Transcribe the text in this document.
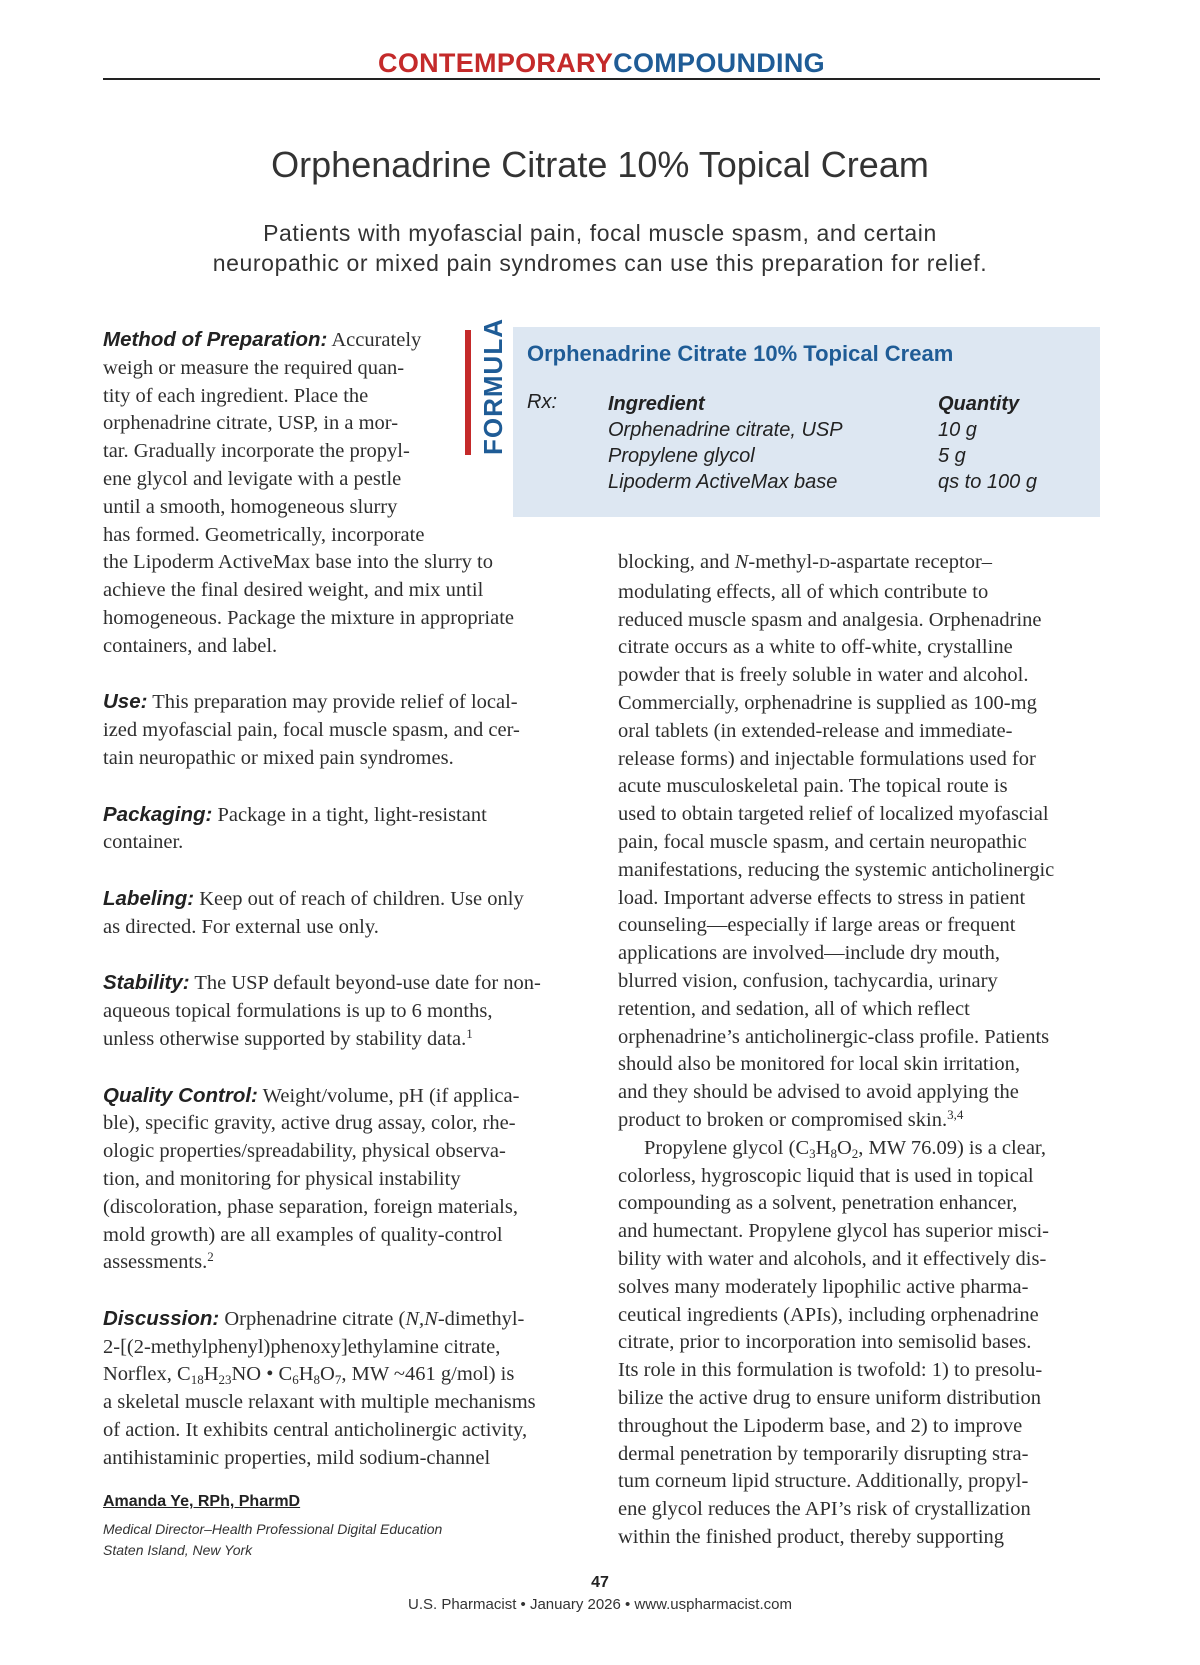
CONTEMPORARYCOMPOUNDING
Orphenadrine Citrate 10% Topical Cream
Patients with myofascial pain, focal muscle spasm, and certain
neuropathic or mixed pain syndromes can use this preparation for relief.
FORMULA Orphenadrine Citrate 10% Topical Cream
Rx:	Ingredient	Quantity
Orphenadrine citrate, USP	10 g
Propylene glycol	5 g
Lipoderm ActiveMax base	qs to 100 g

Method of Preparation: Accurately
weigh or measure the required quan-
tity of each ingredient. Place the
orphenadrine citrate, USP, in a mor-
tar. Gradually incorporate the propyl-
ene glycol and levigate with a pestle
until a smooth, homogeneous slurry
has formed. Geometrically, incorporate
the Lipoderm ActiveMax base into the slurry to
achieve the final desired weight, and mix until
homogeneous. Package the mixture in appropriate
containers, and label.

Use: This preparation may provide relief of local-
ized myofascial pain, focal muscle spasm, and cer-
tain neuropathic or mixed pain syndromes.

Packaging: Package in a tight, light-resistant
container.

Labeling: Keep out of reach of children. Use only
as directed. For external use only.

Stability: The USP default beyond-use date for non-
aqueous topical formulations is up to 6 months,
unless otherwise supported by stability data.$^1$

Quality Control: Weight/volume, pH (if applica-
ble), specific gravity, active drug assay, color, rhe-
ologic properties/spreadability, physical observa-
tion, and monitoring for physical instability
(discoloration, phase separation, foreign materials,
mold growth) are all examples of quality-control
assessments.$^2$

Discussion: Orphenadrine citrate (N,N-dimethyl-
2-[(2-methylphenyl)phenoxy]ethylamine citrate,
Norflex, $C_{18}H_{23}NO$ • $C_6H_8O_7$, MW ~461 g/mol) is
a skeletal muscle relaxant with multiple mechanisms
of action. It exhibits central anticholinergic activity,
antihistaminic properties, mild sodium-channel

blocking, and N-methyl-D-aspartate receptor–
modulating effects, all of which contribute to
reduced muscle spasm and analgesia. Orphenadrine
citrate occurs as a white to off-white, crystalline
powder that is freely soluble in water and alcohol.
Commercially, orphenadrine is supplied as 100-mg
oral tablets (in extended-release and immediate-
release forms) and injectable formulations used for
acute musculoskeletal pain. The topical route is
used to obtain targeted relief of localized myofascial
pain, focal muscle spasm, and certain neuropathic
manifestations, reducing the systemic anticholinergic
load. Important adverse effects to stress in patient
counseling—especially if large areas or frequent
applications are involved—include dry mouth,
blurred vision, confusion, tachycardia, urinary
retention, and sedation, all of which reflect
orphenadrine’s anticholinergic-class profile. Patients
should also be monitored for local skin irritation,
and they should be advised to avoid applying the
product to broken or compromised skin.$^{3,4}$

Propylene glycol ($C_3H_8O_2$, MW 76.09) is a clear,
colorless, hygroscopic liquid that is used in topical
compounding as a solvent, penetration enhancer,
and humectant. Propylene glycol has superior misci-
bility with water and alcohols, and it effectively dis-
solves many moderately lipophilic active pharma-
ceutical ingredients (APIs), including orphenadrine
citrate, prior to incorporation into semisolid bases.
Its role in this formulation is twofold: 1) to presolu-
bilize the active drug to ensure uniform distribution
throughout the Lipoderm base, and 2) to improve
dermal penetration by temporarily disrupting stra-
tum corneum lipid structure. Additionally, propyl-
ene glycol reduces the API’s risk of crystallization
within the finished product, thereby supporting

Amanda Ye, RPh, PharmD
Medical Director–Health Professional Digital Education
Staten Island, New York
47
U.S. Pharmacist • January 2026 • www.uspharmacist.com
